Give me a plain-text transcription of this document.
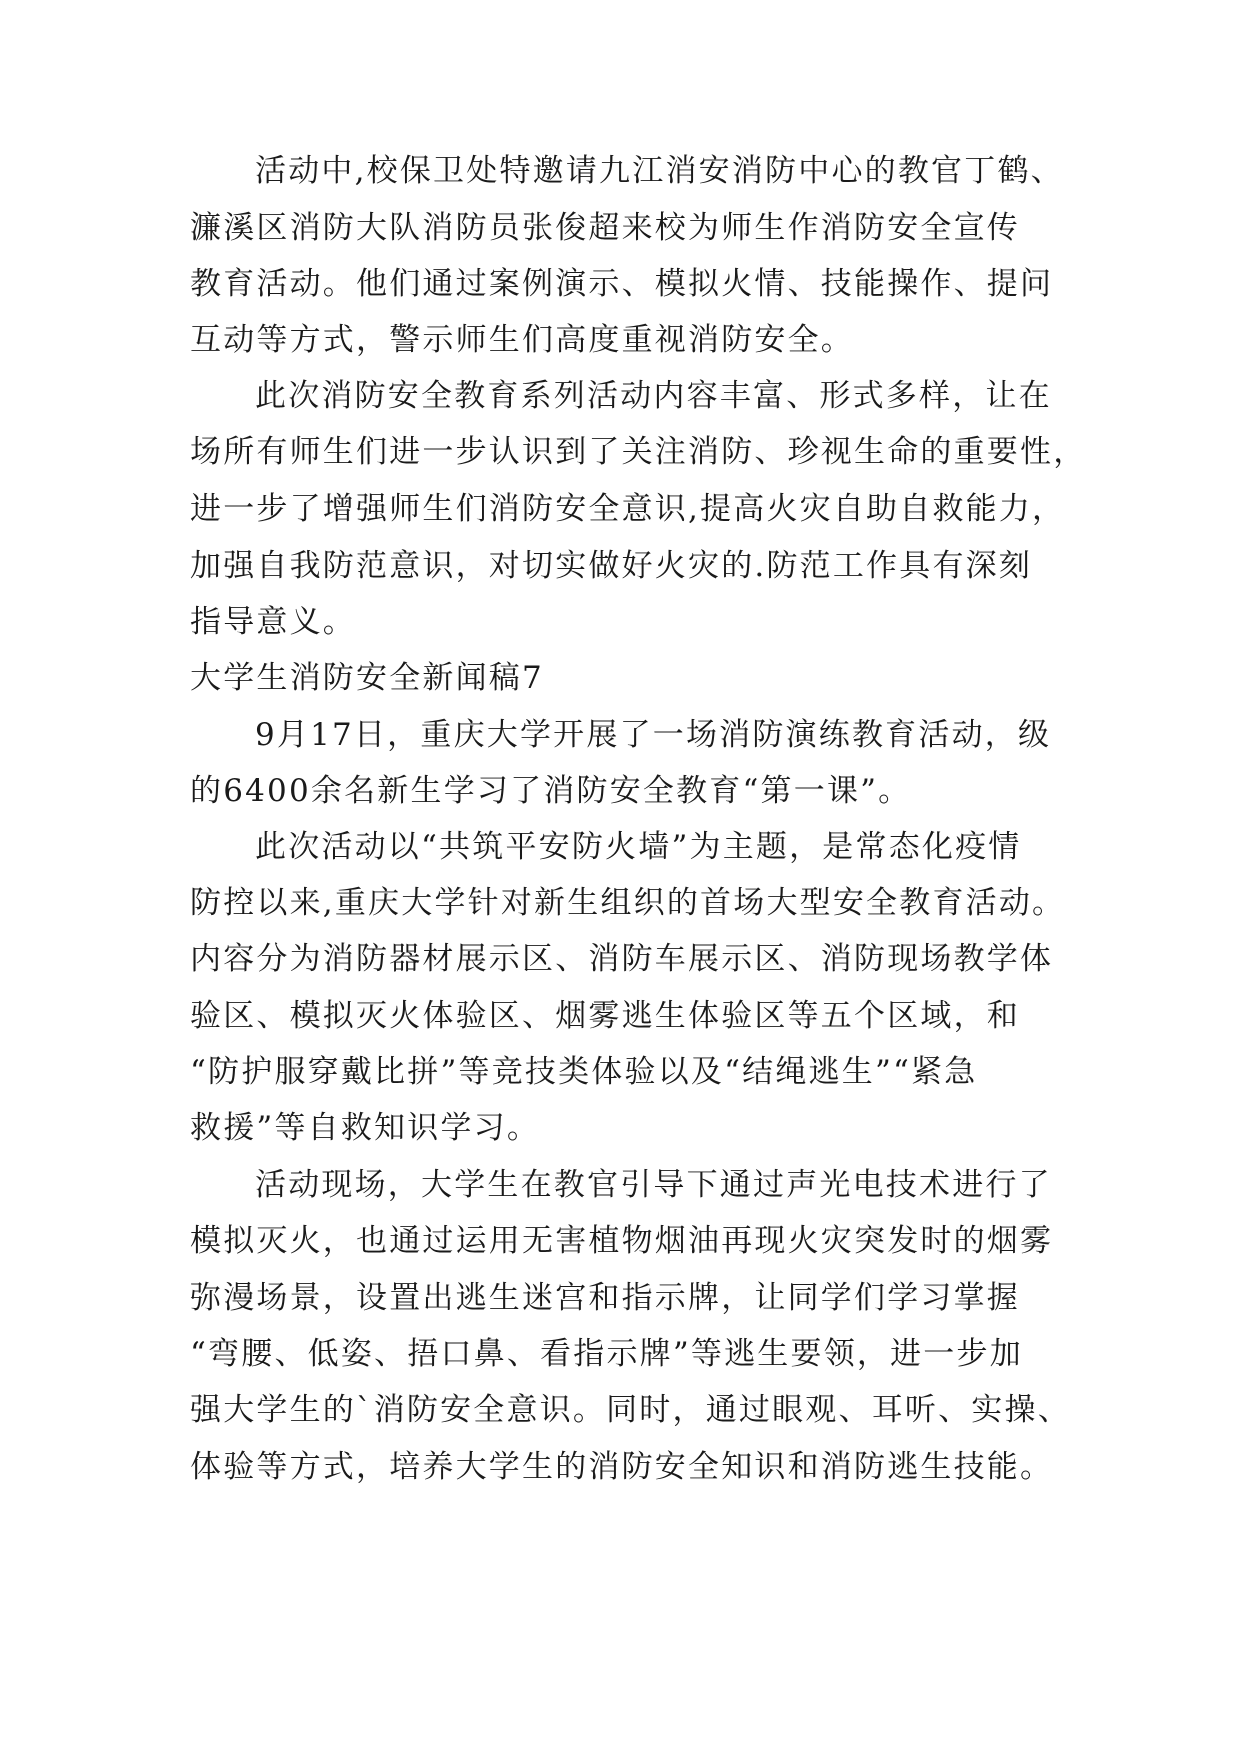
活动中,校保卫处特邀请九江消安消防中心的教官丁鹤、
濂溪区消防大队消防员张俊超来校为师生作消防安全宣传
教育活动。他们通过案例演示、模拟火情、技能操作、提问
互动等方式，警示师生们高度重视消防安全。
此次消防安全教育系列活动内容丰富、形式多样，让在
场所有师生们进一步认识到了关注消防、珍视生命的重要性，
进一步了增强师生们消防安全意识,提高火灾自助自救能力，
加强自我防范意识，对切实做好火灾的.防范工作具有深刻
指导意义。
大学生消防安全新闻稿7
9月17日，重庆大学开展了一场消防演练教育活动，级
的6400余名新生学习了消防安全教育“第一课”。
此次活动以“共筑平安防火墙”为主题，是常态化疫情
防控以来,重庆大学针对新生组织的首场大型安全教育活动。
内容分为消防器材展示区、消防车展示区、消防现场教学体
验区、模拟灭火体验区、烟雾逃生体验区等五个区域，和
“防护服穿戴比拼”等竞技类体验以及“结绳逃生”“紧急
救援”等自救知识学习。
活动现场，大学生在教官引导下通过声光电技术进行了
模拟灭火，也通过运用无害植物烟油再现火灾突发时的烟雾
弥漫场景，设置出逃生迷宫和指示牌，让同学们学习掌握
“弯腰、低姿、捂口鼻、看指示牌”等逃生要领，进一步加
强大学生的`消防安全意识。同时，通过眼观、耳听、实操、
体验等方式，培养大学生的消防安全知识和消防逃生技能。
